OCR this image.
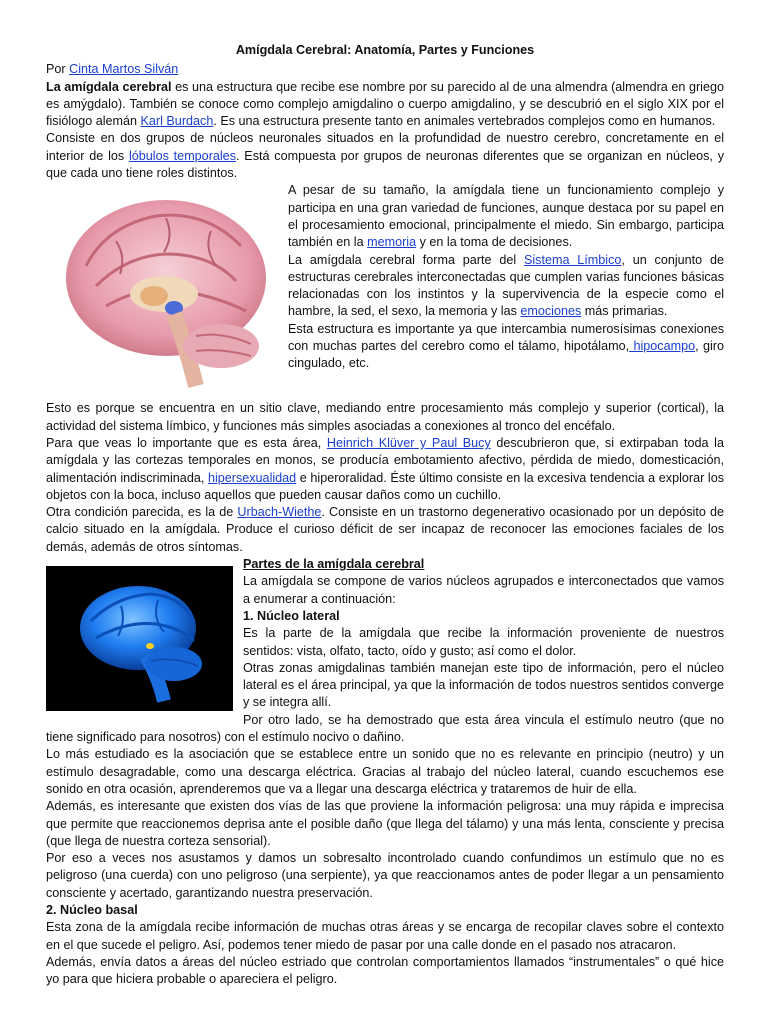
Amígdala Cerebral: Anatomía, Partes y Funciones

Por Cinta Martos Silván

La amígdala cerebral es una estructura que recibe ese nombre por su parecido al de una almendra (almendra en griego es amýgdalo). También se conoce como complejo amigdalino o cuerpo amigdalino, y se descubrió en el siglo XIX por el fisiólogo alemán Karl Burdach. Es una estructura presente tanto en animales vertebrados complejos como en humanos.

Consiste en dos grupos de núcleos neuronales situados en la profundidad de nuestro cerebro, concretamente en el interior de los lóbulos temporales. Está compuesta por grupos de neuronas diferentes que se organizan en núcleos, y que cada uno tiene roles distintos.

A pesar de su tamaño, la amígdala tiene un funcionamiento complejo y participa en una gran variedad de funciones, aunque destaca por su papel en el procesamiento emocional, principalmente el miedo. Sin embargo, participa también en la memoria y en la toma de decisiones.

La amígdala cerebral forma parte del Sistema Límbico, un conjunto de estructuras cerebrales interconectadas que cumplen varias funciones básicas relacionadas con los instintos y la supervivencia de la especie como el hambre, la sed, el sexo, la memoria y las emociones más primarias.

Esta estructura es importante ya que intercambia numerosísimas conexiones con muchas partes del cerebro como el tálamo, hipotálamo, hipocampo, giro cingulado, etc.

Esto es porque se encuentra en un sitio clave, mediando entre procesamiento más complejo y superior (cortical), la actividad del sistema límbico, y funciones más simples asociadas a conexiones al tronco del encéfalo.

Para que veas lo importante que es esta área, Heinrich Klüver y Paul Bucy descubrieron que, si extirpaban toda la amígdala y las cortezas temporales en monos, se producía embotamiento afectivo, pérdida de miedo, domesticación, alimentación indiscriminada, hipersexualidad e hiperoralidad. Éste último consiste en la excesiva tendencia a explorar los objetos con la boca, incluso aquellos que pueden causar daños como un cuchillo.

Otra condición parecida, es la de Urbach-Wiethe. Consiste en un trastorno degenerativo ocasionado por un depósito de calcio situado en la amígdala. Produce el curioso déficit de ser incapaz de reconocer las emociones faciales de los demás, además de otros síntomas.

Partes de la amígdala cerebral

La amígdala se compone de varios núcleos agrupados e interconectados que vamos a enumerar a continuación:

1. Núcleo lateral

Es la parte de la amígdala que recibe la información proveniente de nuestros sentidos: vista, olfato, tacto, oído y gusto; así como el dolor.

Otras zonas amigdalinas también manejan este tipo de información, pero el núcleo lateral es el área principal, ya que la información de todos nuestros sentidos converge y se integra allí.

Por otro lado, se ha demostrado que esta área vincula el estímulo neutro (que no tiene significado para nosotros) con el estímulo nocivo o dañino.

Lo más estudiado es la asociación que se establece entre un sonido que no es relevante en principio (neutro) y un estímulo desagradable, como una descarga eléctrica. Gracias al trabajo del núcleo lateral, cuando escuchemos ese sonido en otra ocasión, aprenderemos que va a llegar una descarga eléctrica y trataremos de huir de ella.

Además, es interesante que existen dos vías de las que proviene la información peligrosa: una muy rápida e imprecisa que permite que reaccionemos deprisa ante el posible daño (que llega del tálamo) y una más lenta, consciente y precisa (que llega de nuestra corteza sensorial).

Por eso a veces nos asustamos y damos un sobresalto incontrolado cuando confundimos un estímulo que no es peligroso (una cuerda) con uno peligroso (una serpiente), ya que reaccionamos antes de poder llegar a un pensamiento consciente y acertado, garantizando nuestra preservación.

2. Núcleo basal

Esta zona de la amígdala recibe información de muchas otras áreas y se encarga de recopilar claves sobre el contexto en el que sucede el peligro. Así, podemos tener miedo de pasar por una calle donde en el pasado nos atracaron.

Además, envía datos a áreas del núcleo estriado que controlan comportamientos llamados “instrumentales” o qué hice yo para que hiciera probable o apareciera el peligro.
